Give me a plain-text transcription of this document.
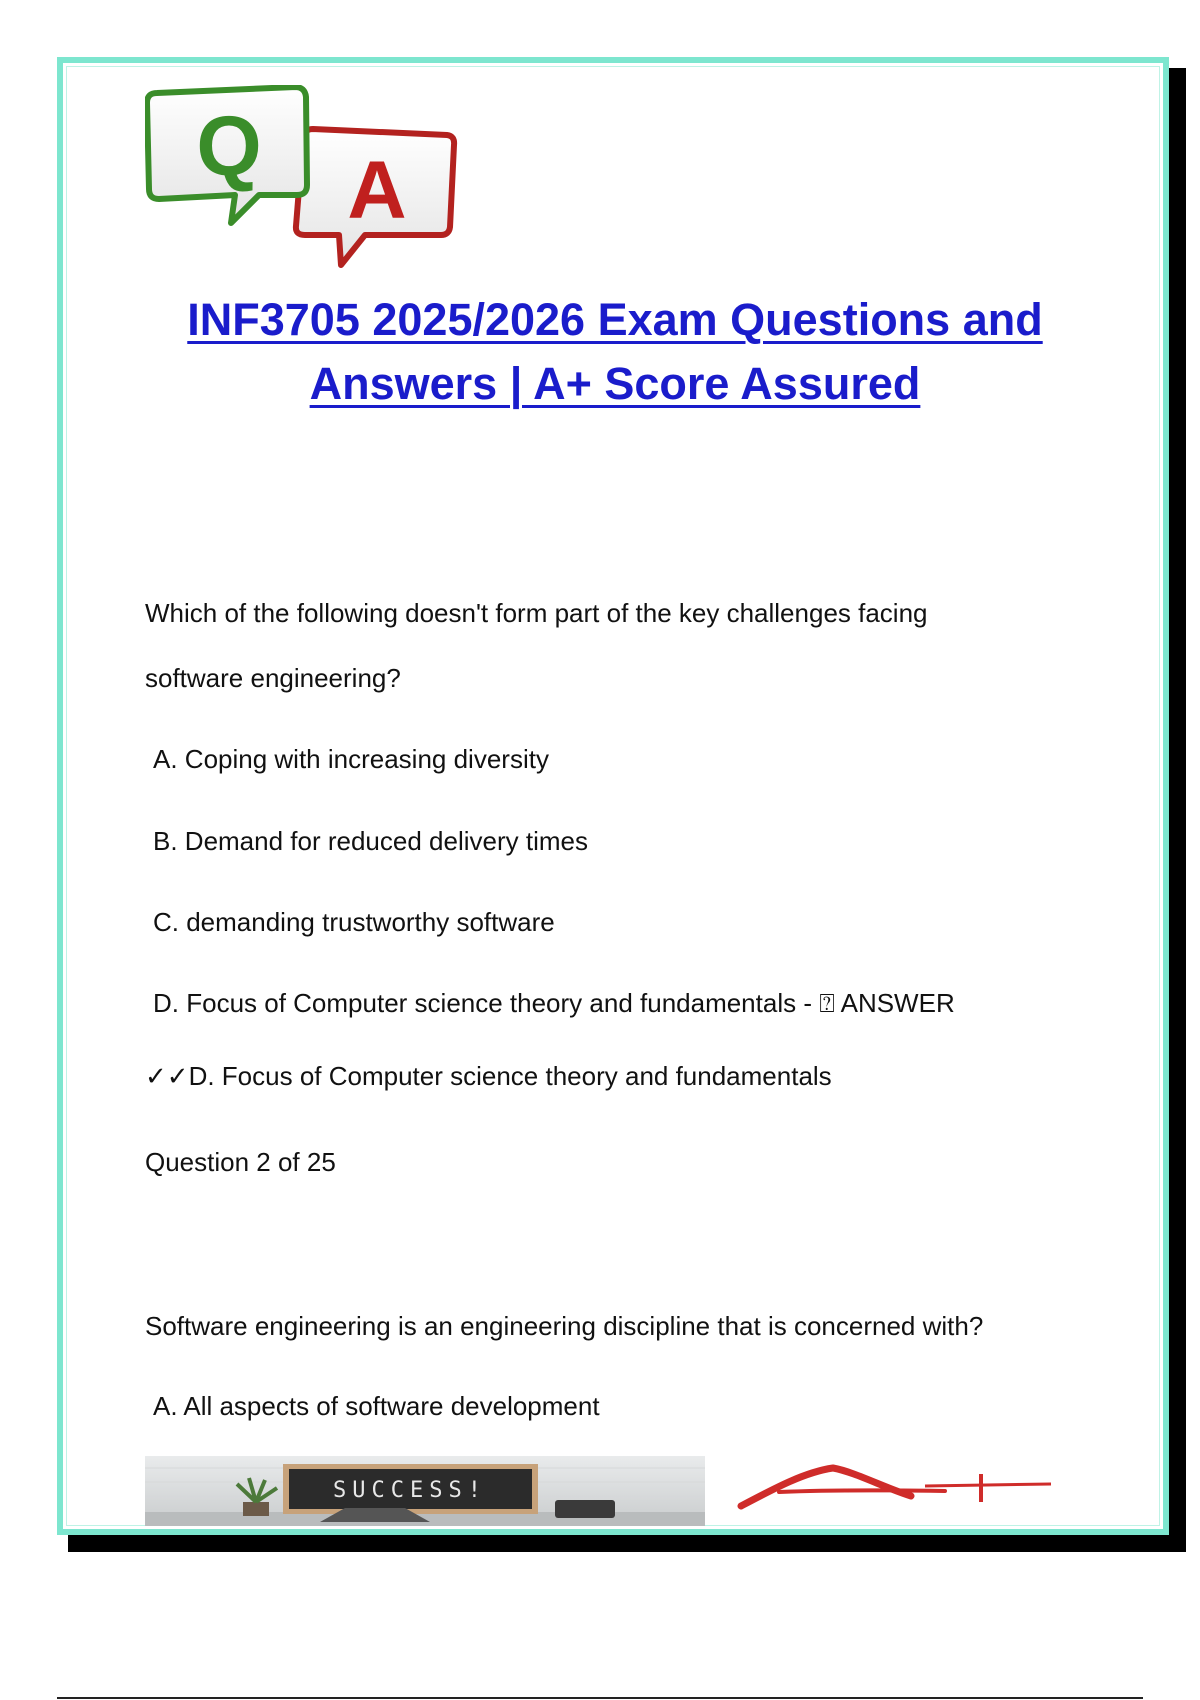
A
Q
INF3705 2025/2026 Exam Questions and
Answers | A+ Score Assured
Which of the following doesn't form part of the key challenges facing
software engineering?
A. Coping with increasing diversity
B. Demand for reduced delivery times
C. demanding trustworthy software
D. Focus of Computer science theory and fundamentals - ⍰ ANSWER
✓✓D. Focus of Computer science theory and fundamentals
Question 2 of 25
Software engineering is an engineering discipline that is concerned with?
A. All aspects of software development
SUCCESS!
A+
